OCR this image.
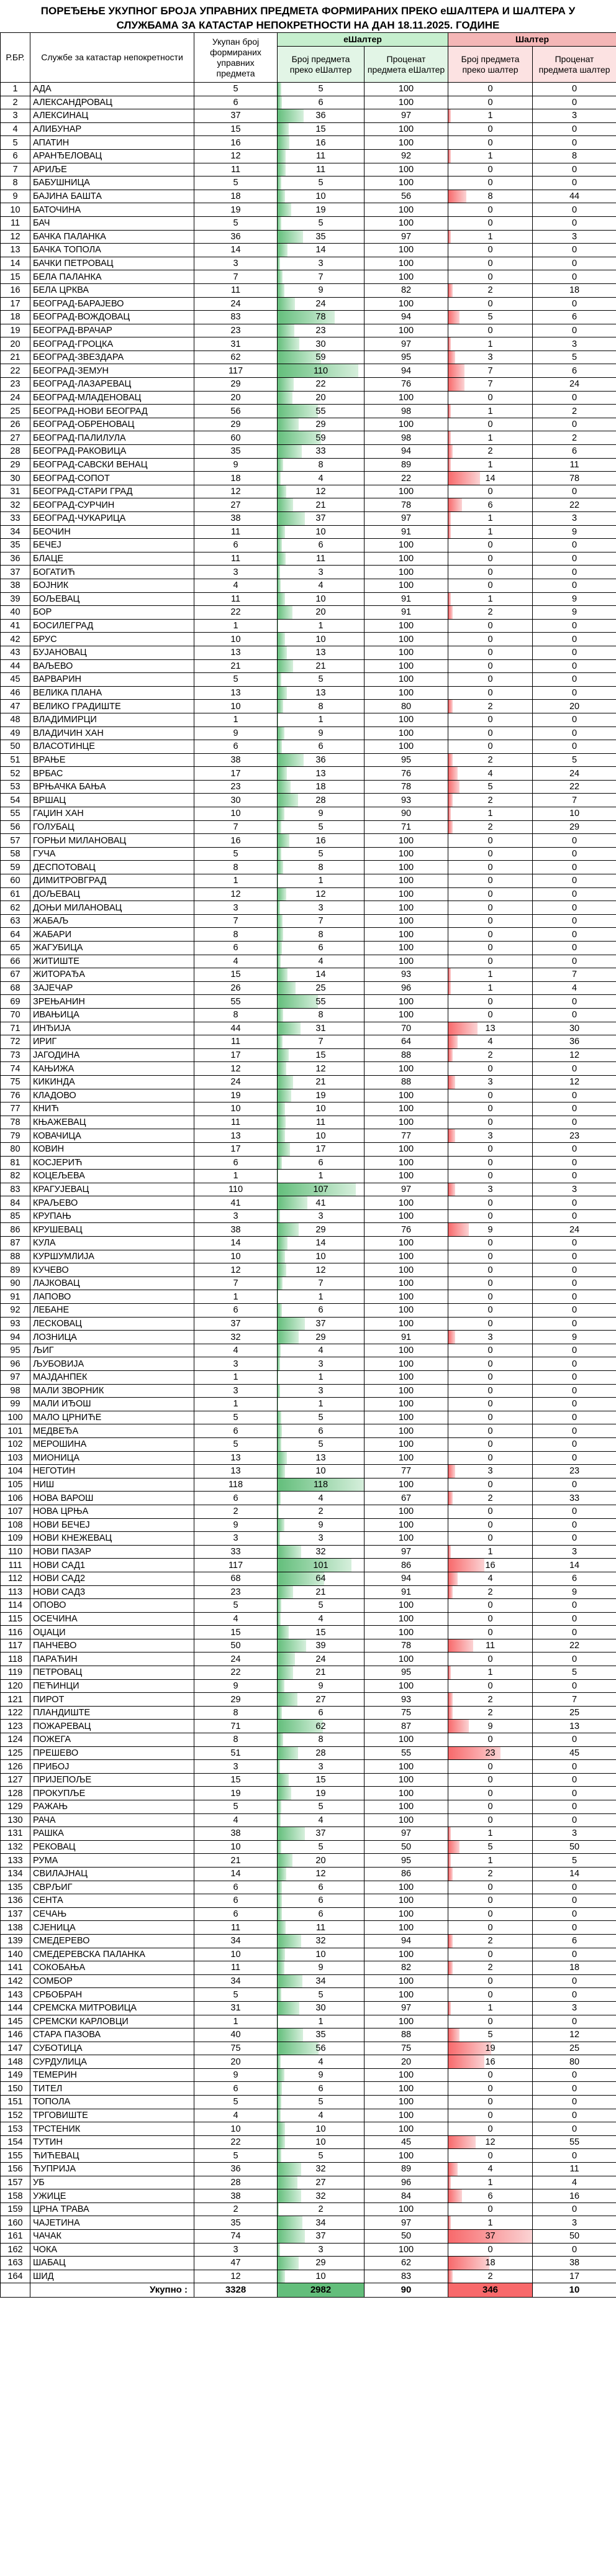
ПОРЕЂЕЊЕ УКУПНОГ БРОЈА УПРАВНИХ ПРЕДМЕТА ФОРМИРАНИХ ПРЕКО еШАЛТЕРА И ШАЛТЕРА У СЛУЖБАМА ЗА КАТАСТАР НЕПОКРЕТНОСТИ НА ДАН 18.11.2025. ГОДИНЕ
Р.БР.	Службе за катастар непокретности	Укупан број формираних управних предмета	еШалтер		Шалтер	
			Број предмета преко еШалтер	Проценат предмета еШалтер	Број предмета преко шалтер	Проценат предмета шалтер
1	АДА	5	5	100	0	0
2	АЛЕКСАНДРОВАЦ	6	6	100	0	0
3	АЛЕКСИНАЦ	37	36	97	1	3
4	АЛИБУНАР	15	15	100	0	0
5	АПАТИН	16	16	100	0	0
6	АРАНЂЕЛОВАЦ	12	11	92	1	8
7	АРИЉЕ	11	11	100	0	0
8	БАБУШНИЦА	5	5	100	0	0
9	БАЈИНА БАШТА	18	10	56	8	44
10	БАТОЧИНА	19	19	100	0	0
11	БАЧ	5	5	100	0	0
12	БАЧКА ПАЛАНКА	36	35	97	1	3
13	БАЧКА ТОПОЛА	14	14	100	0	0
14	БАЧКИ ПЕТРОВАЦ	3	3	100	0	0
15	БЕЛА ПАЛАНКА	7	7	100	0	0
16	БЕЛА ЦРКВА	11	9	82	2	18
17	БЕОГРАД-БАРАЈЕВО	24	24	100	0	0
18	БЕОГРАД-ВОЖДОВАЦ	83	78	94	5	6
19	БЕОГРАД-ВРАЧАР	23	23	100	0	0
20	БЕОГРАД-ГРОЦКА	31	30	97	1	3
21	БЕОГРАД-ЗВЕЗДАРА	62	59	95	3	5
22	БЕОГРАД-ЗЕМУН	117	110	94	7	6
23	БЕОГРАД-ЛАЗАРЕВАЦ	29	22	76	7	24
24	БЕОГРАД-МЛАДЕНОВАЦ	20	20	100	0	0
25	БЕОГРАД-НОВИ БЕОГРАД	56	55	98	1	2
26	БЕОГРАД-ОБРЕНОВАЦ	29	29	100	0	0
27	БЕОГРАД-ПАЛИЛУЛА	60	59	98	1	2
28	БЕОГРАД-РАКОВИЦА	35	33	94	2	6
29	БЕОГРАД-САВСКИ ВЕНАЦ	9	8	89	1	11
30	БЕОГРАД-СОПОТ	18	4	22	14	78
31	БЕОГРАД-СТАРИ ГРАД	12	12	100	0	0
32	БЕОГРАД-СУРЧИН	27	21	78	6	22
33	БЕОГРАД-ЧУКАРИЦА	38	37	97	1	3
34	БЕОЧИН	11	10	91	1	9
35	БЕЧЕЈ	6	6	100	0	0
36	БЛАЦЕ	11	11	100	0	0
37	БОГАТИЋ	3	3	100	0	0
38	БОЈНИК	4	4	100	0	0
39	БОЉЕВАЦ	11	10	91	1	9
40	БОР	22	20	91	2	9
41	БОСИЛЕГРАД	1	1	100	0	0
42	БРУС	10	10	100	0	0
43	БУЈАНОВАЦ	13	13	100	0	0
44	ВАЉЕВО	21	21	100	0	0
45	ВАРВАРИН	5	5	100	0	0
46	ВЕЛИКА ПЛАНА	13	13	100	0	0
47	ВЕЛИКО ГРАДИШТЕ	10	8	80	2	20
48	ВЛАДИМИРЦИ	1	1	100	0	0
49	ВЛАДИЧИН ХАН	9	9	100	0	0
50	ВЛАСОТИНЦЕ	6	6	100	0	0
51	ВРАЊЕ	38	36	95	2	5
52	ВРБАС	17	13	76	4	24
53	ВРЊАЧКА БАЊА	23	18	78	5	22
54	ВРШАЦ	30	28	93	2	7
55	ГАЏИН ХАН	10	9	90	1	10
56	ГОЛУБАЦ	7	5	71	2	29
57	ГОРЊИ МИЛАНОВАЦ	16	16	100	0	0
58	ГУЧА	5	5	100	0	0
59	ДЕСПОТОВАЦ	8	8	100	0	0
60	ДИМИТРОВГРАД	1	1	100	0	0
61	ДОЉЕВАЦ	12	12	100	0	0
62	ДОЊИ МИЛАНОВАЦ	3	3	100	0	0
63	ЖАБАЉ	7	7	100	0	0
64	ЖАБАРИ	8	8	100	0	0
65	ЖАГУБИЦА	6	6	100	0	0
66	ЖИТИШТЕ	4	4	100	0	0
67	ЖИТОРАЂА	15	14	93	1	7
68	ЗАЈЕЧАР	26	25	96	1	4
69	ЗРЕЊАНИН	55	55	100	0	0
70	ИВАЊИЦА	8	8	100	0	0
71	ИНЂИЈА	44	31	70	13	30
72	ИРИГ	11	7	64	4	36
73	ЈАГОДИНА	17	15	88	2	12
74	КАЊИЖА	12	12	100	0	0
75	КИКИНДА	24	21	88	3	12
76	КЛАДОВО	19	19	100	0	0
77	КНИЋ	10	10	100	0	0
78	КЊАЖЕВАЦ	11	11	100	0	0
79	КОВАЧИЦА	13	10	77	3	23
80	КОВИН	17	17	100	0	0
81	КОСЈЕРИЋ	6	6	100	0	0
82	КОЦЕЉЕВА	1	1	100	0	0
83	КРАГУЈЕВАЦ	110	107	97	3	3
84	КРАЉЕВО	41	41	100	0	0
85	КРУПАЊ	3	3	100	0	0
86	КРУШЕВАЦ	38	29	76	9	24
87	КУЛА	14	14	100	0	0
88	КУРШУМЛИЈА	10	10	100	0	0
89	КУЧЕВО	12	12	100	0	0
90	ЛАЈКОВАЦ	7	7	100	0	0
91	ЛАПОВО	1	1	100	0	0
92	ЛЕБАНЕ	6	6	100	0	0
93	ЛЕСКОВАЦ	37	37	100	0	0
94	ЛОЗНИЦА	32	29	91	3	9
95	ЉИГ	4	4	100	0	0
96	ЉУБОВИЈА	3	3	100	0	0
97	МАЈДАНПЕК	1	1	100	0	0
98	МАЛИ ЗВОРНИК	3	3	100	0	0
99	МАЛИ ИЂОШ	1	1	100	0	0
100	МАЛО ЦРНИЋЕ	5	5	100	0	0
101	МЕДВЕЂА	6	6	100	0	0
102	МЕРОШИНА	5	5	100	0	0
103	МИОНИЦА	13	13	100	0	0
104	НЕГОТИН	13	10	77	3	23
105	НИШ	118	118	100	0	0
106	НОВА ВАРОШ	6	4	67	2	33
107	НОВА ЦРЊА	2	2	100	0	0
108	НОВИ БЕЧЕЈ	9	9	100	0	0
109	НОВИ КНЕЖЕВАЦ	3	3	100	0	0
110	НОВИ ПАЗАР	33	32	97	1	3
111	НОВИ САД1	117	101	86	16	14
112	НОВИ САД2	68	64	94	4	6
113	НОВИ САД3	23	21	91	2	9
114	ОПОВО	5	5	100	0	0
115	ОСЕЧИНА	4	4	100	0	0
116	ОЏАЦИ	15	15	100	0	0
117	ПАНЧЕВО	50	39	78	11	22
118	ПАРАЋИН	24	24	100	0	0
119	ПЕТРОВАЦ	22	21	95	1	5
120	ПЕЋИНЦИ	9	9	100	0	0
121	ПИРОТ	29	27	93	2	7
122	ПЛАНДИШТЕ	8	6	75	2	25
123	ПОЖАРЕВАЦ	71	62	87	9	13
124	ПОЖЕГА	8	8	100	0	0
125	ПРЕШЕВО	51	28	55	23	45
126	ПРИБОЈ	3	3	100	0	0
127	ПРИЈЕПОЉЕ	15	15	100	0	0
128	ПРОКУПЉЕ	19	19	100	0	0
129	РАЖАЊ	5	5	100	0	0
130	РАЧА	4	4	100	0	0
131	РАШКА	38	37	97	1	3
132	РЕКОВАЦ	10	5	50	5	50
133	РУМА	21	20	95	1	5
134	СВИЛАЈНАЦ	14	12	86	2	14
135	СВРЉИГ	6	6	100	0	0
136	СЕНТА	6	6	100	0	0
137	СЕЧАЊ	6	6	100	0	0
138	СЈЕНИЦА	11	11	100	0	0
139	СМЕДЕРЕВО	34	32	94	2	6
140	СМЕДЕРЕВСКА ПАЛАНКА	10	10	100	0	0
141	СОКОБАЊА	11	9	82	2	18
142	СОМБОР	34	34	100	0	0
143	СРБОБРАН	5	5	100	0	0
144	СРЕМСКА МИТРОВИЦА	31	30	97	1	3
145	СРЕМСКИ КАРЛОВЦИ	1	1	100	0	0
146	СТАРА ПАЗОВА	40	35	88	5	12
147	СУБОТИЦА	75	56	75	19	25
148	СУРДУЛИЦА	20	4	20	16	80
149	ТЕМЕРИН	9	9	100	0	0
150	ТИТЕЛ	6	6	100	0	0
151	ТОПОЛА	5	5	100	0	0
152	ТРГОВИШТЕ	4	4	100	0	0
153	ТРСТЕНИК	10	10	100	0	0
154	ТУТИН	22	10	45	12	55
155	ЋИЋЕВАЦ	5	5	100	0	0
156	ЋУПРИЈА	36	32	89	4	11
157	УБ	28	27	96	1	4
158	УЖИЦЕ	38	32	84	6	16
159	ЦРНА ТРАВА	2	2	100	0	0
160	ЧАЈЕТИНА	35	34	97	1	3
161	ЧАЧАК	74	37	50	37	50
162	ЧОКА	3	3	100	0	0
163	ШАБАЦ	47	29	62	18	38
164	ШИД	12	10	83	2	17
	Укупно :	3328	2982	90	346	10
